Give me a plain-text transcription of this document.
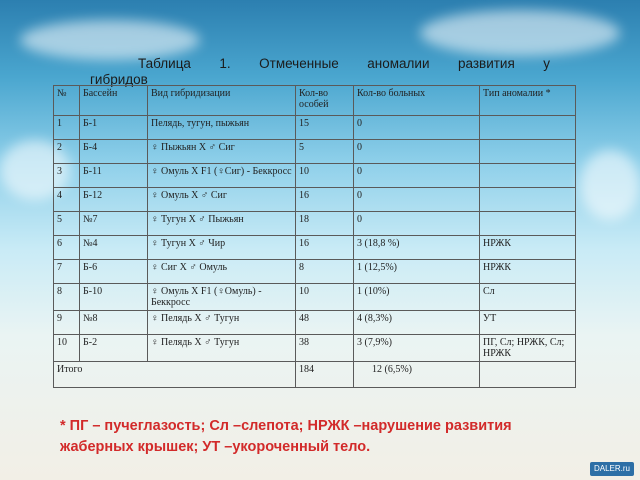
Таблица 1. Отмеченные аномалии развития у
гибридов
№	Бассейн	Вид гибридизации	Кол-во особей	Кол-во больных	Тип аномалии *
1	Б-1	Пелядь, тугун, пыжьян	15	0	
2	Б-4	♀ Пыжьян Х ♂ Сиг	5	0	
3	Б-11	♀ Омуль Х F1 (♀Сиг) - Беккросс	10	0	
4	Б-12	♀ Омуль Х ♂ Сиг	16	0	
5	№7	♀ Тугун Х ♂ Пыжьян	18	0	
6	№4	♀ Тугун Х ♂ Чир	16	3 (18,8 %)	НРЖК
7	Б-6	♀ Сиг Х ♂ Омуль	8	1 (12,5%)	НРЖК
8	Б-10	♀ Омуль Х F1 (♀Омуль) - Беккросс	10	1 (10%)	Сл
9	№8	♀ Пелядь Х ♂ Тугун	48	4 (8,3%)	УТ
10	Б-2	♀ Пелядь Х ♂ Тугун	38	3 (7,9%)	ПГ, Сл; НРЖК, Сл; НРЖК
Итого			184	12 (6,5%)	
* ПГ – пучеглазость; Сл –слепота; НРЖК –нарушение развития жаберных крышек; УТ –укороченный тело.
DALER.ru
